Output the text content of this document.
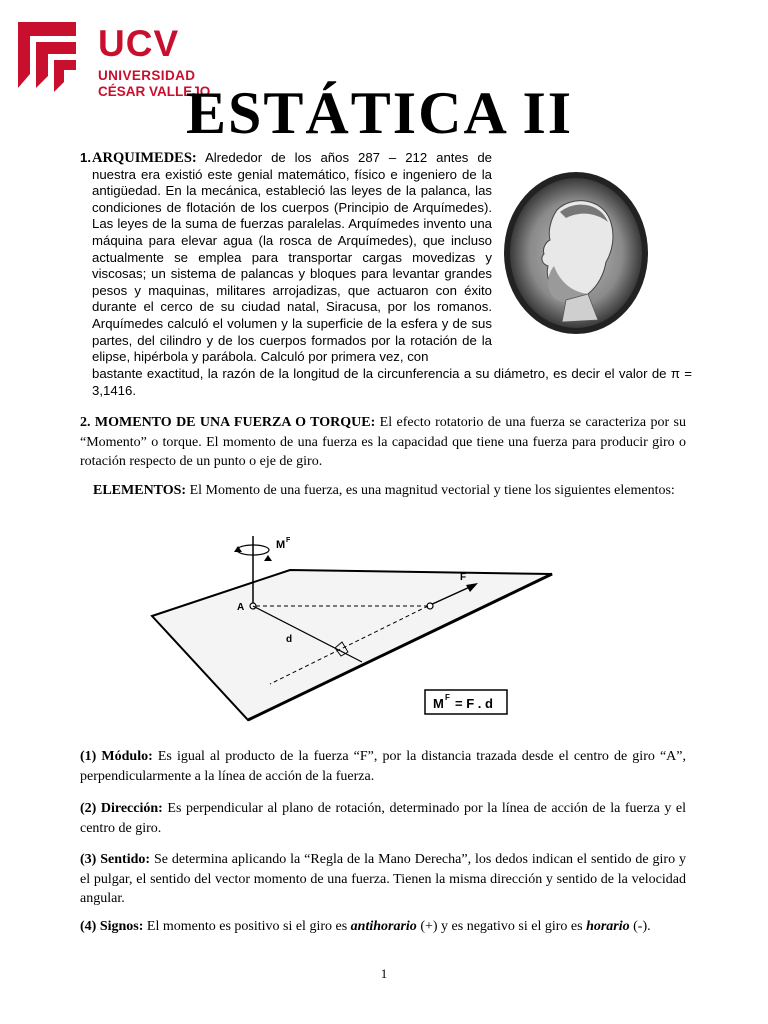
UCV
UNIVERSIDAD
CÉSAR VALLEJO
ESTÁTICA II

1. ARQUIMEDES: Alrededor de los años 287 – 212 antes de nuestra era existió este genial matemático, físico e ingeniero de la antigüedad. En la mecánica, estableció las leyes de la palanca, las condiciones de flotación de los cuerpos (Principio de Arquímedes). Las leyes de la suma de fuerzas paralelas. Arquímedes invento una máquina para elevar agua (la rosca de Arquímedes), que incluso actualmente se emplea para transportar cargas movedizas y viscosas; un sistema de palancas y bloques para levantar grandes pesos y maquinas, militares arrojadizas, que actuaron con éxito durante el cerco de su ciudad natal, Siracusa, por los romanos. Arquímedes calculó el volumen y la superficie de la esfera y de sus partes, del cilindro y de los cuerpos formados por la rotación de la elipse, hipérbola y parábola. Calculó por primera vez, con

bastante exactitud, la razón de la longitud de la circunferencia a su diámetro, es decir el valor de π = 3,1416.

2. MOMENTO DE UNA FUERZA O TORQUE: El efecto rotatorio de una fuerza se caracteriza por su “Momento” o torque. El momento de una fuerza es la capacidad que tiene una fuerza para producir giro o rotación respecto de un punto o eje de giro.

ELEMENTOS: El Momento de una fuerza, es una magnitud vectorial y tiene los siguientes elementos:

M F
A
F
d
M F = F . d

(1) Módulo: Es igual al producto de la fuerza “F”, por la distancia trazada desde el centro de giro “A”, perpendicularmente a la línea de acción de la fuerza.

(2) Dirección: Es perpendicular al plano de rotación, determinado por la línea de acción de la fuerza y el centro de giro.

(3) Sentido: Se determina aplicando la “Regla de la Mano Derecha”, los dedos indican el sentido de giro y el pulgar, el sentido del vector momento de una fuerza. Tienen la misma dirección y sentido de la velocidad angular.

(4) Signos: El momento es positivo si el giro es antihorario (+) y es negativo si el giro es horario (-).

1
